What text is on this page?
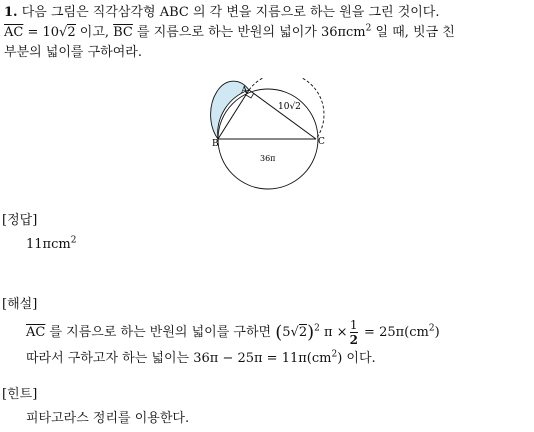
1. 다음 그림은 직각삼각형 ABC 의 각 변을 지름으로 하는 원을 그린 것이다.
$\overline{AC} = 10√2$ 이고, $\overline{BC}$ 를 지름으로 하는 반원의 넓이가 36πcm$^2$ 일 때, 빗금 친
부분의 넓이를 구하여라.
A
B	C
10√2
36π
[정답]
11πcm$^2$
[해설]
$\overline{AC}$ 를 지름으로 하는 반원의 넓이를 구하면 $(5√2)^2$ $\pi \times \frac{1}{2} = 25\pi(cm^2)$
따라서 구하고자 하는 넓이는 $36\pi - 25\pi = 11\pi(cm^2)$ 이다.
[힌트]
피타고라스 정리를 이용한다.
